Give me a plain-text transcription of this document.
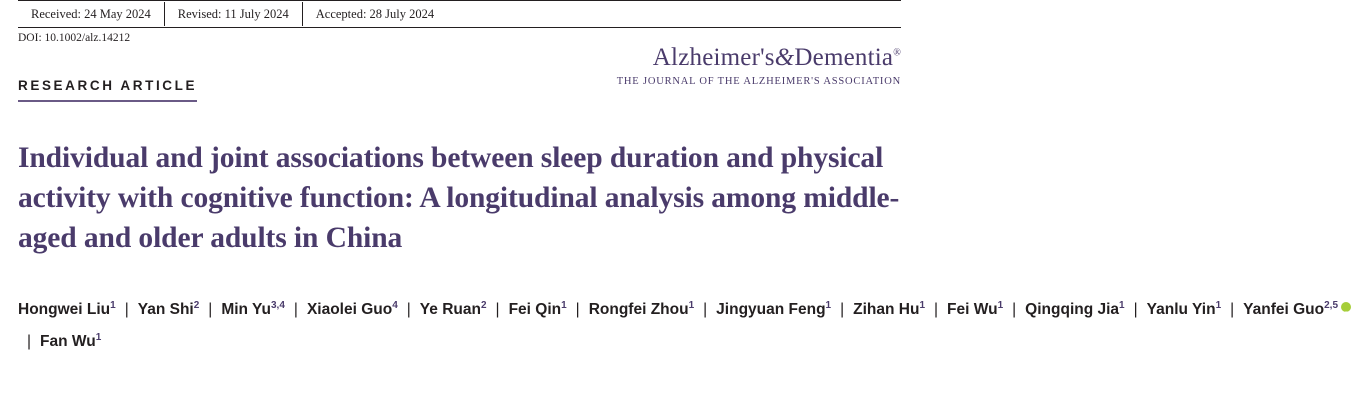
Received: 24 May 2024	Revised: 11 July 2024	Accepted: 28 July 2024
DOI: 10.1002/alz.14212
Alzheimer's&Dementia®
THE JOURNAL OF THE ALZHEIMER'S ASSOCIATION
RESEARCH ARTICLE
Individual and joint associations between sleep duration and physical activity with cognitive function: A longitudinal analysis among middle-aged and older adults in China
Hongwei Liu$^1$ | Yan Shi$^2$ | Min Yu$^{3,4}$ | Xiaolei Guo$^4$ | Ye Ruan$^2$ | Fei Qin$^1$ | Rongfei Zhou$^1$ | Jingyuan Feng$^1$ | Zihan Hu$^1$ | Fei Wu$^1$ | Qingqing Jia$^1$ | Yanlu Yin$^1$ | Yanfei Guo$^{2,5}$iD| Fan Wu$^1$
